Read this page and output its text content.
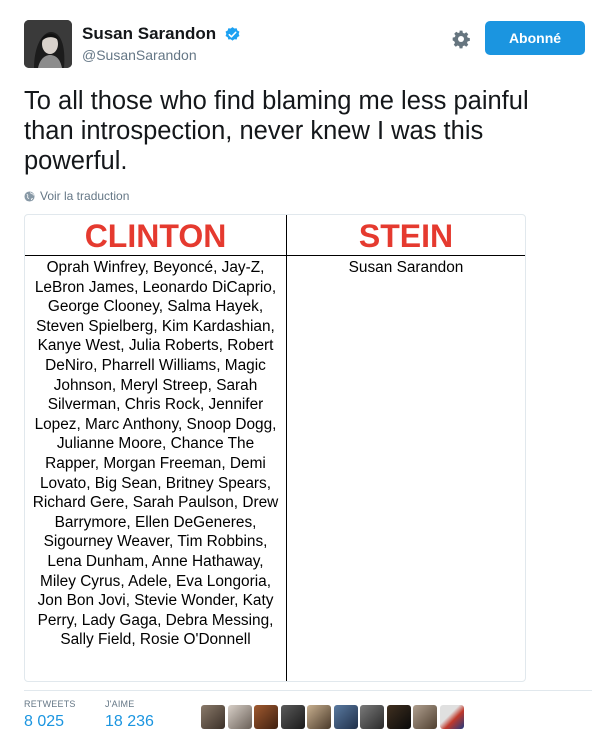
Susan Sarandon
@SusanSarandon
Abonné

To all those who find blaming me less painful than introspection, never knew I was this powerful.

Voir la traduction
CLINTON	STEIN
Oprah Winfrey, Beyoncé, Jay-Z, LeBron James, Leonardo DiCaprio, George Clooney, Salma Hayek, Steven Spielberg, Kim Kardashian, Kanye West, Julia Roberts, Robert DeNiro, Pharrell Williams, Magic Johnson, Meryl Streep, Sarah Silverman, Chris Rock, Jennifer Lopez, Marc Anthony, Snoop Dogg, Julianne Moore, Chance The Rapper, Morgan Freeman, Demi Lovato, Big Sean, Britney Spears, Richard Gere, Sarah Paulson, Drew Barrymore, Ellen DeGeneres, Sigourney Weaver, Tim Robbins, Lena Dunham, Anne Hathaway, Miley Cyrus, Adele, Eva Longoria, Jon Bon Jovi, Stevie Wonder, Katy Perry, Lady Gaga, Debra Messing, Sally Field, Rosie O'Donnell
Susan Sarandon
RETWEETS
8 025
J'AIME
18 236
